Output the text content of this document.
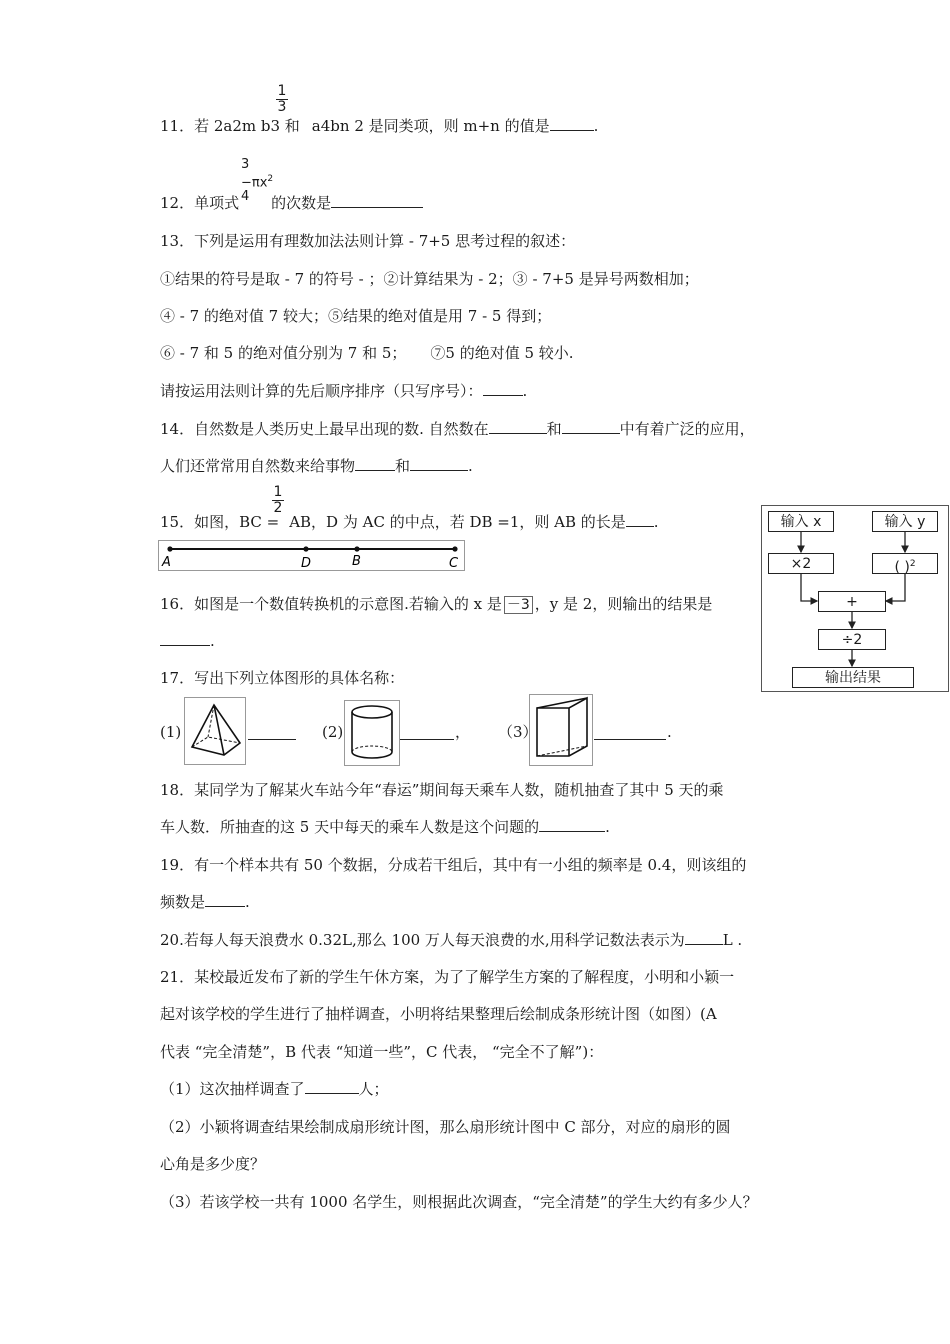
11．若 2a2m b3 和 a4bn 2 是同类项，则 m+n 的值是	.
$\frac{1}{3}$
12．单项式 的次数是
3
$-\pi x^2$
4
13．下列是运用有理数加法法则计算 - 7+5 思考过程的叙述：
①结果的符号是取 - 7 的符号 - ；②计算结果为 - 2；③ - 7+5 是异号两数相加；
④ - 7 的绝对值 7 较大；⑤结果的绝对值是用 7 - 5 得到；
⑥ - 7 和 5 的绝对值分别为 7 和 5； ⑦5 的绝对值 5 较小.
请按运用法则计算的先后顺序排序（只写序号）：	.
14．自然数是人类历史上最早出现的数. 自然数在	和	中有着广泛的应用，
人们还常常用自然数来给事物	和	.
15．如图，BC = AB，D 为 AC 的中点，若 DB =1，则 AB 的长是 .
$\frac{1}{2}$
A	D	B	C
16．如图是一个数值转换机的示意图.若输入的 x 是 －3 ，y 是 2，则输出的结果是
.
输入 x	输入 y
×2	( )$^2$
+
÷2
输出结果
17．写出下列立体图形的具体名称：
(1)	(2)	， （3）	.
18．某同学为了解某火车站今年“春运”期间每天乘车人数，随机抽查了其中 5 天的乘
车人数．所抽查的这 5 天中每天的乘车人数是这个问题的	.
19．有一个样本共有 50 个数据，分成若干组后，其中有一小组的频率是 0.4，则该组的
频数是	.
20.若每人每天浪费水 0.32L,那么 100 万人每天浪费的水,用科学记数法表示为	L .
21．某校最近发布了新的学生午休方案，为了了解学生方案的了解程度，小明和小颖一
起对该学校的学生进行了抽样调查，小明将结果整理后绘制成条形统计图（如图）(A
代表 “完全清楚”，B 代表 “知道一些”，C 代表， “完全不了解”)：
（1）这次抽样调查了	人；
（2）小颖将调查结果绘制成扇形统计图，那么扇形统计图中 C 部分，对应的扇形的圆
心角是多少度？
（3）若该学校一共有 1000 名学生，则根据此次调查，“完全清楚”的学生大约有多少人？
